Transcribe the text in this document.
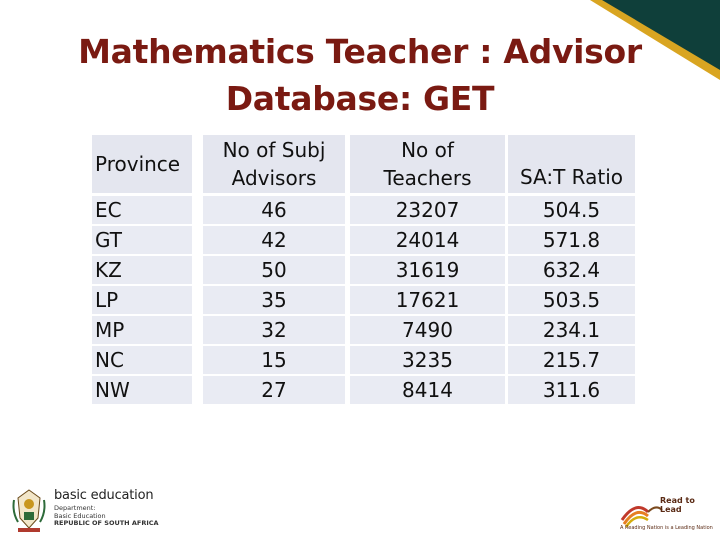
Mathematics Teacher : Advisor
Database: GET
Province
EC
GT
KZ
LP
MP
NC
NW
No of Subj
Advisors
46
42
50
35
32
15
27
No of
Teachers
23207
24014
31619
17621
7490
3235
8414
SA:T Ratio
504.5
571.8
632.4
503.5
234.1
215.7
311.6
basic education
Department:
Basic Education
REPUBLIC OF SOUTH AFRICA
Read to Lead
A Reading Nation is a Leading Nation
